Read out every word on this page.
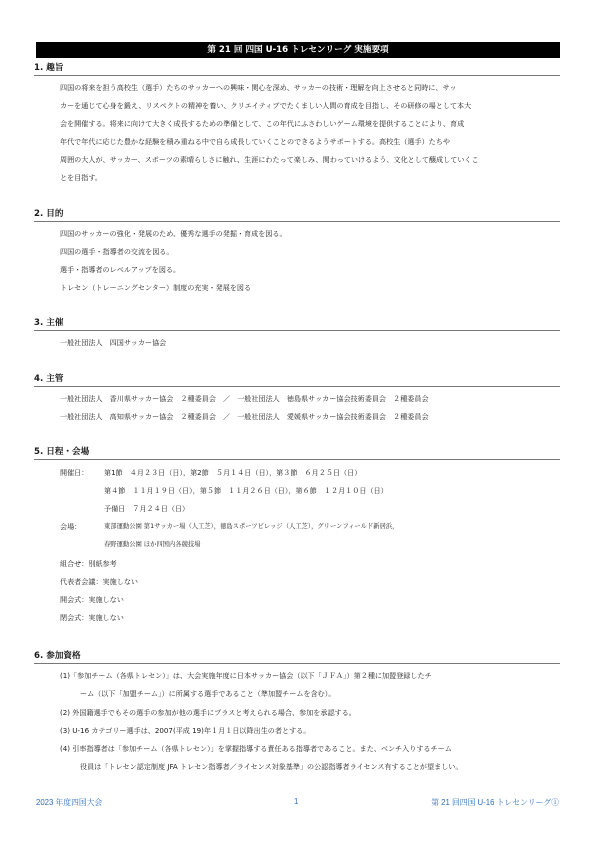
第 21 回 四国 U-16 トレセンリーグ 実施要項
1. 趣旨
四国の将来を担う高校生（選手）たちのサッカーへの興味・関心を深め、サッカーの技術・理解を向上させると同時に、サッ
カーを通じて心身を鍛え、リスペクトの精神を養い、クリエイティブでたくましい人間の育成を目指し、その研修の場として本大
会を開催する。将来に向けて大きく成長するための準備として、この年代にふさわしいゲーム環境を提供することにより、育成
年代で年代に応じた豊かな経験を積み重ねる中で自ら成長していくことのできるようサポートする。高校生（選手）たちや
周囲の大人が、サッカー、スポーツの素晴らしさに触れ、生涯にわたって楽しみ、関わっていけるよう、文化として醸成していくこ
とを目指す。
2. 目的
四国のサッカーの強化・発展のため、優秀な選手の発掘・育成を図る。
四国の選手・指導者の交流を図る。
選手・指導者のレベルアップを図る。
トレセン（トレーニングセンター）制度の充実・発展を図る
3. 主催
一般社団法人　四国サッカー協会
4. 主管
一般社団法人　香川県サッカー協会　２種委員会　／　一般社団法人　徳島県サッカー協会技術委員会　２種委員会
一般社団法人　高知県サッカー協会　２種委員会　／　一般社団法人　愛媛県サッカー協会技術委員会　２種委員会
5. 日程・会場
開催日： 第1節　４月２３日（日），第2節　５月１４日（日），第３節　６月２５日（日）
第４節　１１月１９日（日），第５節　１１月２６日（日），第６節　１２月１０日（日）
予備日　７月２４日（日）
会場：	東部運動公園 第1サッカー場（人工芝），徳島スポーツビレッジ（人工芝），グリーンフィールド新居浜，
春野運動公園 ほか四国内各競技場
組合せ：別紙参考
代表者会議：実施しない
開会式：実施しない
閉会式：実施しない
6. 参加資格
(1)「参加チーム（各県トレセン）」は、大会実施年度に日本サッカー協会（以下「ＪＦＡ」）第２種に加盟登録したチ
ーム（以下「加盟チーム」）に所属する選手であること（準加盟チームを含む）。
(2) 外国籍選手でもその選手の参加が他の選手にプラスと考えられる場合、参加を承認する。
(3) U-16 カテゴリー選手は、2007(平成 19)年１月１日以降出生の者とする。
(4) 引率指導者は「参加チーム（各県トレセン）」を掌握指導する責任ある指導者であること。また、ベンチ入りするチーム
役員は「トレセン認定制度 JFA トレセン指導者／ライセンス対象基準」の公認指導者ライセンス有することが望ましい。
2023 年度四国大会	1	第 21 回四国 U-16 トレセンリーグ①
